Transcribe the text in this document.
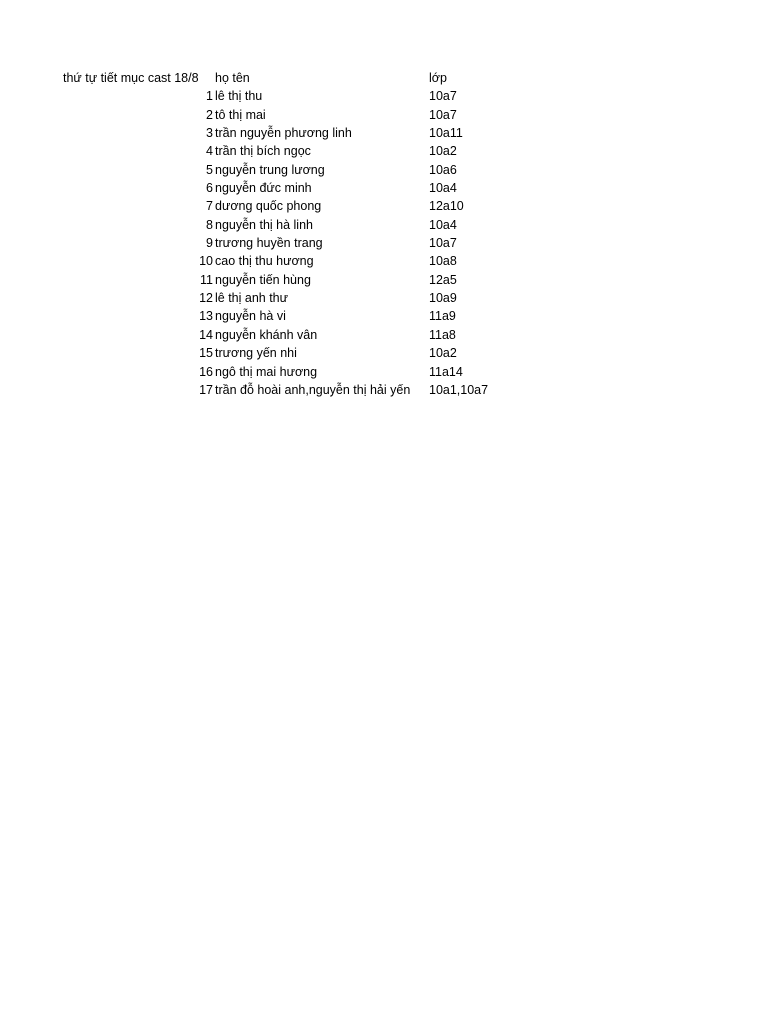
thứ tự tiết mục cast 18/8	họ tên	lớp
1 lê thị thu	10a7
2 tô thị mai	10a7
3 trần nguyễn phương linh	10a11
4 trần thị bích ngọc	10a2
5 nguyễn trung lương	10a6
6 nguyễn đức minh	10a4
7 dương quốc phong	12a10
8 nguyễn thị hà linh	10a4
9 trương huyền trang	10a7
10 cao thị thu hương	10a8
11 nguyễn tiến hùng	12a5
12 lê thị anh thư	10a9
13 nguyễn hà vi	11a9
14 nguyễn khánh vân	11a8
15 trương yến nhi	10a2
16 ngô thị mai hương	11a14
17 trần đỗ hoài anh,nguyễn thị hải yến	10a1,10a7
